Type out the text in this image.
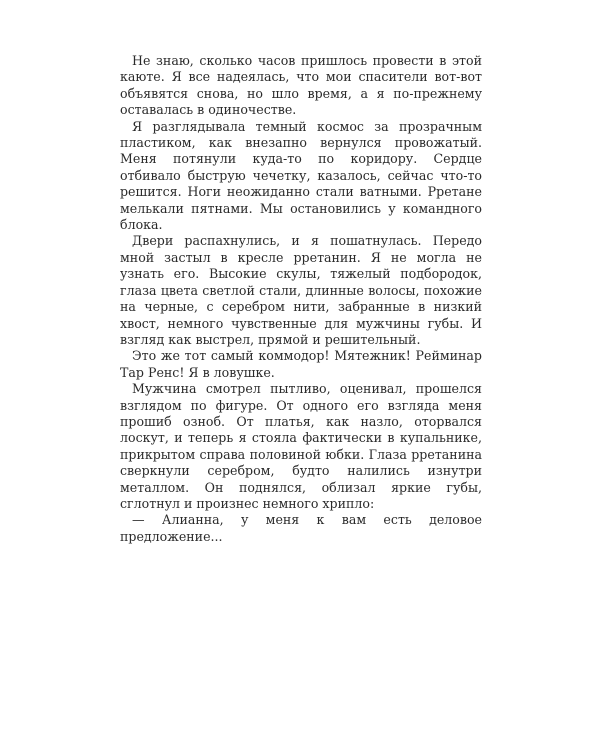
Не знаю, сколько часов пришлось провести в этой каюте. Я все надеялась, что мои спасители вот-вот объявятся снова, но шло время, а я по-прежнему оставалась в одиночестве.

Я разглядывала темный космос за прозрачным пластиком, как внезапно вернулся провожатый. Меня потянули куда-то по коридору. Сердце отбивало быструю чечетку, казалось, сейчас что-то решится. Ноги неожиданно стали ватными. Рретане мелькали пятнами. Мы остановились у командного блока.

Двери распахнулись, и я пошатнулась. Передо мной застыл в кресле рретанин. Я не могла не узнать его. Высокие скулы, тяжелый подбородок, глаза цвета светлой стали, длинные волосы, похожие на черные, с серебром нити, забранные в низкий хвост, немного чувственные для мужчины губы. И взгляд как выстрел, прямой и решительный.

Это же тот самый коммодор! Мятежник! Рейминар Тар Ренс! Я в ловушке.

Мужчина смотрел пытливо, оценивал, прошелся взглядом по фигуре. От одного его взгляда меня прошиб озноб. От платья, как назло, оторвался лоскут, и теперь я стояла фактически в купальнике, прикрытом справа половиной юбки. Глаза рретанина сверкнули серебром, будто налились изнутри металлом. Он поднялся, облизал яркие губы, сглотнул и произнес немного хрипло:

— Алианна, у меня к вам есть деловое предложение...
